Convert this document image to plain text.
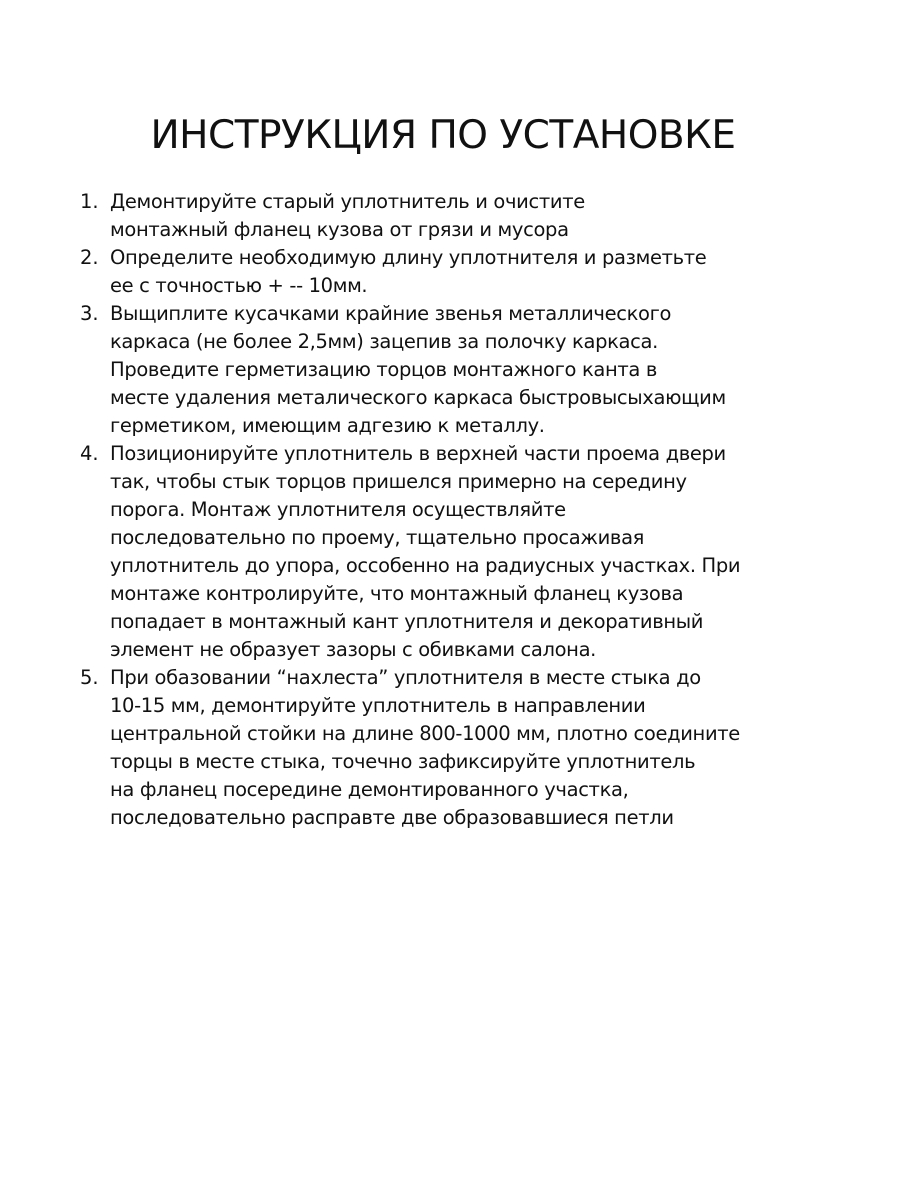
ИНСТРУКЦИЯ ПО УСТАНОВКЕ
1. Демонтируйте старый уплотнитель и очистите
монтажный фланец кузова от грязи и мусора
2. Определите необходимую длину уплотнителя и разметьте
ее с точностью + -- 10мм.
3. Выщиплите кусачками крайние звенья металлического
каркаса (не более 2,5мм) зацепив за полочку каркаса.
Проведите герметизацию торцов монтажного канта в
месте удаления металического каркаса быстровысыхающим
герметиком, имеющим адгезию к металлу.
4. Позиционируйте уплотнитель в верхней части проема двери
так, чтобы стык торцов пришелся примерно на середину
порога. Монтаж уплотнителя осуществляйте
последовательно по проему, тщательно просаживая
уплотнитель до упора, оссобенно на радиусных участках. При
монтаже контролируйте, что монтажный фланец кузова
попадает в монтажный кант уплотнителя и декоративный
элемент не образует зазоры с обивками салона.
5. При обазовании “нахлеста” уплотнителя в месте стыка до
10-15 мм, демонтируйте уплотнитель в направлении
центральной стойки на длине 800-1000 мм, плотно соедините
торцы в месте стыка, точечно зафиксируйте уплотнитель
на фланец посередине демонтированного участка,
последовательно расправте две образовавшиеся петли
